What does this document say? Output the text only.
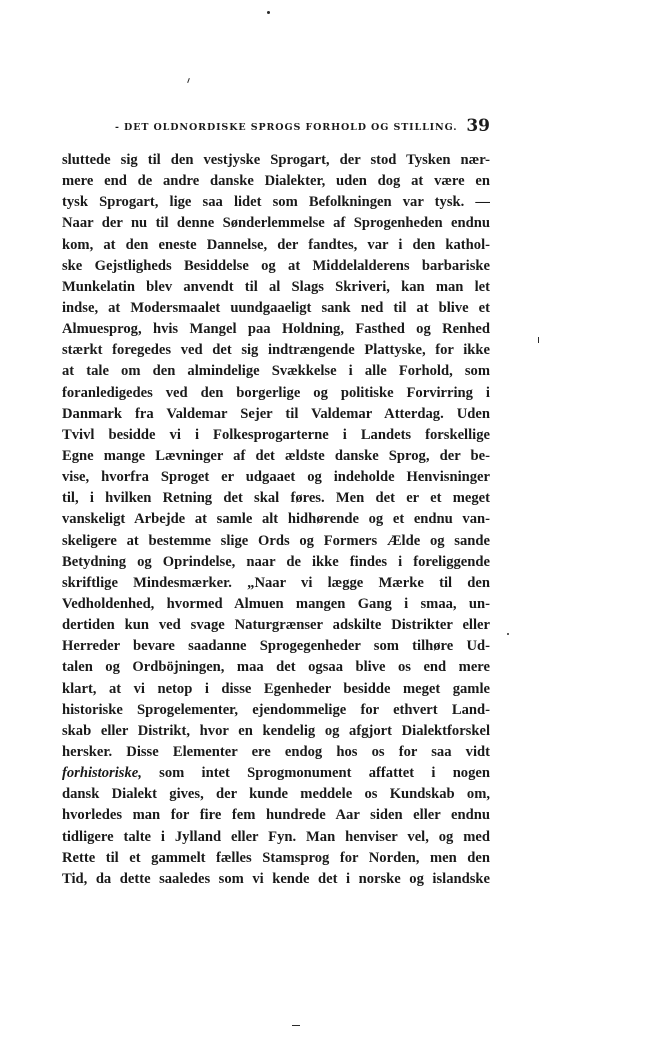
- DET OLDNORDISKE SPROGS FORHOLD OG STILLING. 39
sluttede sig til den vestjyske Sprogart, der stod Tysken nær-
mere end de andre danske Dialekter, uden dog at være en
tysk Sprogart, lige saa lidet som Befolkningen var tysk. —
Naar der nu til denne Sønderlemmelse af Sprogenheden endnu
kom, at den eneste Dannelse, der fandtes, var i den kathol-
ske Gejstligheds Besiddelse og at Middelalderens barbariske
Munkelatin blev anvendt til al Slags Skriveri, kan man let
indse, at Modersmaalet uundgaaeligt sank ned til at blive et
Almuesprog, hvis Mangel paa Holdning, Fasthed og Renhed
stærkt foregedes ved det sig indtrængende Plattyske, for ikke
at tale om den almindelige Svækkelse i alle Forhold, som
foranledigedes ved den borgerlige og politiske Forvirring i
Danmark fra Valdemar Sejer til Valdemar Atterdag. Uden
Tvivl besidde vi i Folkesprogarterne i Landets forskellige
Egne mange Lævninger af det ældste danske Sprog, der be-
vise, hvorfra Sproget er udgaaet og indeholde Henvisninger
til, i hvilken Retning det skal føres. Men det er et meget
vanskeligt Arbejde at samle alt hidhørende og et endnu van-
skeligere at bestemme slige Ords og Formers Ælde og sande
Betydning og Oprindelse, naar de ikke findes i foreliggende
skriftlige Mindesmærker. „Naar vi lægge Mærke til den
Vedholdenhed, hvormed Almuen mangen Gang i smaa, un-
dertiden kun ved svage Naturgrænser adskilte Distrikter eller
Herreder bevare saadanne Sprogegenheder som tilhøre Ud-
talen og Ordböjningen, maa det ogsaa blive os end mere
klart, at vi netop i disse Egenheder besidde meget gamle
historiske Sprogelementer, ejendommelige for ethvert Land-
skab eller Distrikt, hvor en kendelig og afgjort Dialektforskel
hersker. Disse Elementer ere endog hos os for saa vidt
forhistoriske, som intet Sprogmonument affattet i nogen
dansk Dialekt gives, der kunde meddele os Kundskab om,
hvorledes man for fire fem hundrede Aar siden eller endnu
tidligere talte i Jylland eller Fyn. Man henviser vel, og med
Rette til et gammelt fælles Stamsprog for Norden, men den
Tid, da dette saaledes som vi kende det i norske og islandske
